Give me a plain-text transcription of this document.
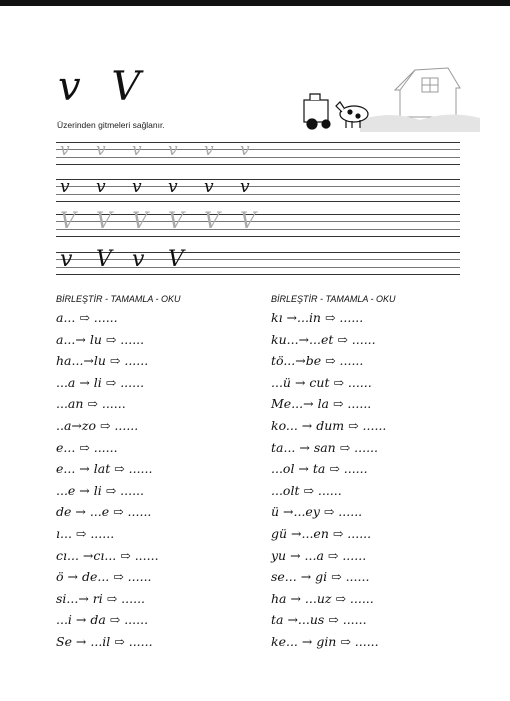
v V
Üzerinden gitmeleri sağlanır.
v v v v v v
v v v v v v
V V V V V V
v V v V
BİRLEŞTİR - TAMAMLA - OKU
a... ⇨ ......
a...→ lu ⇨ ......
ha...→lu ⇨ ......
...a → li ⇨ ......
...an ⇨ ......
..a→zo ⇨ ......
e... ⇨ ......
e... → lat ⇨ ......
...e → li ⇨ ......
de → ...e ⇨ ......
ı... ⇨ ......
cı... →cı... ⇨ ......
ö → de... ⇨ ......
si...→ ri ⇨ ......
...i → da ⇨ ......
Se → ...il ⇨ ......
BİRLEŞTİR - TAMAMLA - OKU
kı →...in ⇨ ......
ku...→...et ⇨ ......
tö...→be ⇨ ......
...ü → cut ⇨ ......
Me...→ la ⇨ ......
ko... → dum ⇨ ......
ta... → san ⇨ ......
...ol → ta ⇨ ......
...olt ⇨ ......
ü →...ey ⇨ ......
gü →...en ⇨ ......
yu → ...a ⇨ ......
se... → gi ⇨ ......
ha → ...uz ⇨ ......
ta →...us ⇨ ......
ke... → gin ⇨ ......
